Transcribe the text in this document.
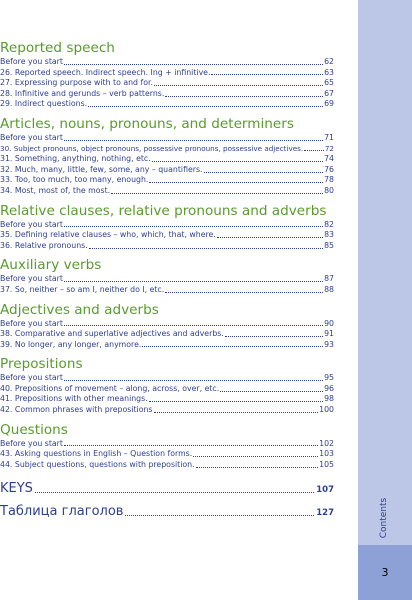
Reported speech
Before you start	62
26. Reported speech. Indirect speech. Ing + infinitive.	63
27. Expressing purpose with to and for.	65
28. Infinitive and gerunds – verb patterns.	67
29. Indirect questions.	69
Articles, nouns, pronouns, and determiners
Before you start	71
30. Subject pronouns, object pronouns, possessive pronouns, possessive adjectives.	72
31. Something, anything, nothing, etc.	74
32. Much, many, little, few, some, any – quantifiers.	76
33. Too, too much, too many, enough.	78
34. Most, most of, the most.	80
Relative clauses, relative pronouns and adverbs
Before you start	82
35. Defining relative clauses – who, which, that, where.	83
36. Relative pronouns.	85
Auxiliary verbs
Before you start	87
37. So, neither – so am I, neither do I, etc.	88
Adjectives and adverbs
Before you start	90
38. Comparative and superlative adjectives and adverbs.	91
39. No longer, any longer, anymore.	93
Prepositions
Before you start	95
40. Prepositions of movement – along, across, over, etc.	96
41. Prepositions with other meanings.	98
42. Common phrases with prepositions	100
Questions
Before you start	102
43. Asking questions in English – Question forms.	103
44. Subject questions, questions with preposition.	105
KEYS	107
Таблица глаголов	127	Contents
3
